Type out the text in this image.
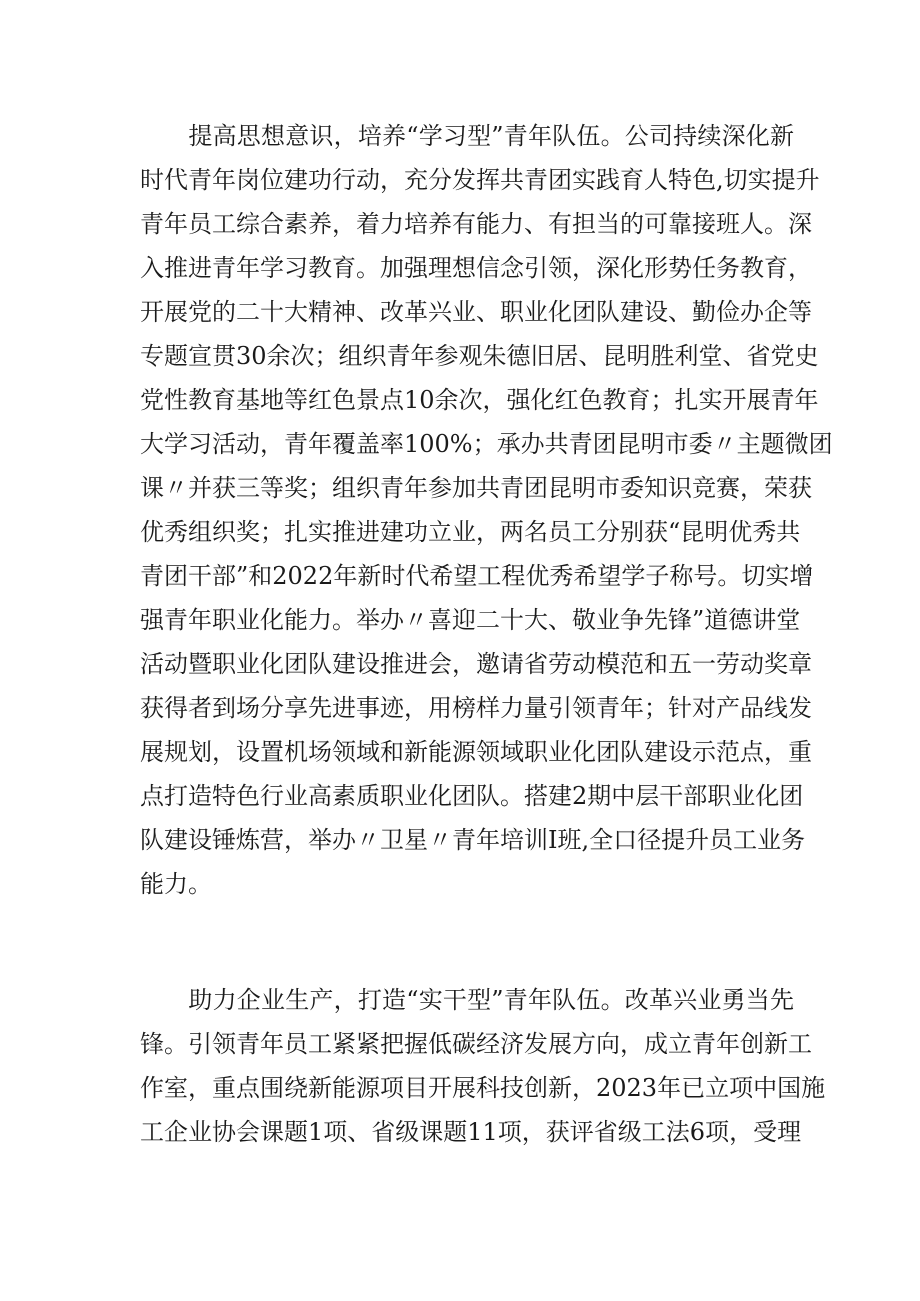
　　提高思想意识，培养“学习型”青年队伍。公司持续深化新
时代青年岗位建功行动，充分发挥共青团实践育人特色,切实提升
青年员工综合素养，着力培养有能力、有担当的可靠接班人。深
入推进青年学习教育。加强理想信念引领，深化形势任务教育，
开展党的二十大精神、改革兴业、职业化团队建设、勤俭办企等
专题宣贯30余次；组织青年参观朱德旧居、昆明胜利堂、省党史
党性教育基地等红色景点10余次，强化红色教育；扎实开展青年
大学习活动，青年覆盖率100%；承办共青团昆明市委〃主题微团
课〃并获三等奖；组织青年参加共青团昆明市委知识竞赛，荣获
优秀组织奖；扎实推进建功立业，两名员工分别获“昆明优秀共
青团干部”和2022年新时代希望工程优秀希望学子称号。切实增
强青年职业化能力。举办〃喜迎二十大、敬业争先锋”道德讲堂
活动暨职业化团队建设推进会，邀请省劳动模范和五一劳动奖章
获得者到场分享先进事迹，用榜样力量引领青年；针对产品线发
展规划，设置机场领域和新能源领域职业化团队建设示范点，重
点打造特色行业高素质职业化团队。搭建2期中层干部职业化团
队建设锤炼营，举办〃卫星〃青年培训I班,全口径提升员工业务
能力。
　　助力企业生产，打造“实干型”青年队伍。改革兴业勇当先
锋。引领青年员工紧紧把握低碳经济发展方向，成立青年创新工
作室，重点围绕新能源项目开展科技创新，2023年已立项中国施
工企业协会课题1项、省级课题11项，获评省级工法6项，受理
